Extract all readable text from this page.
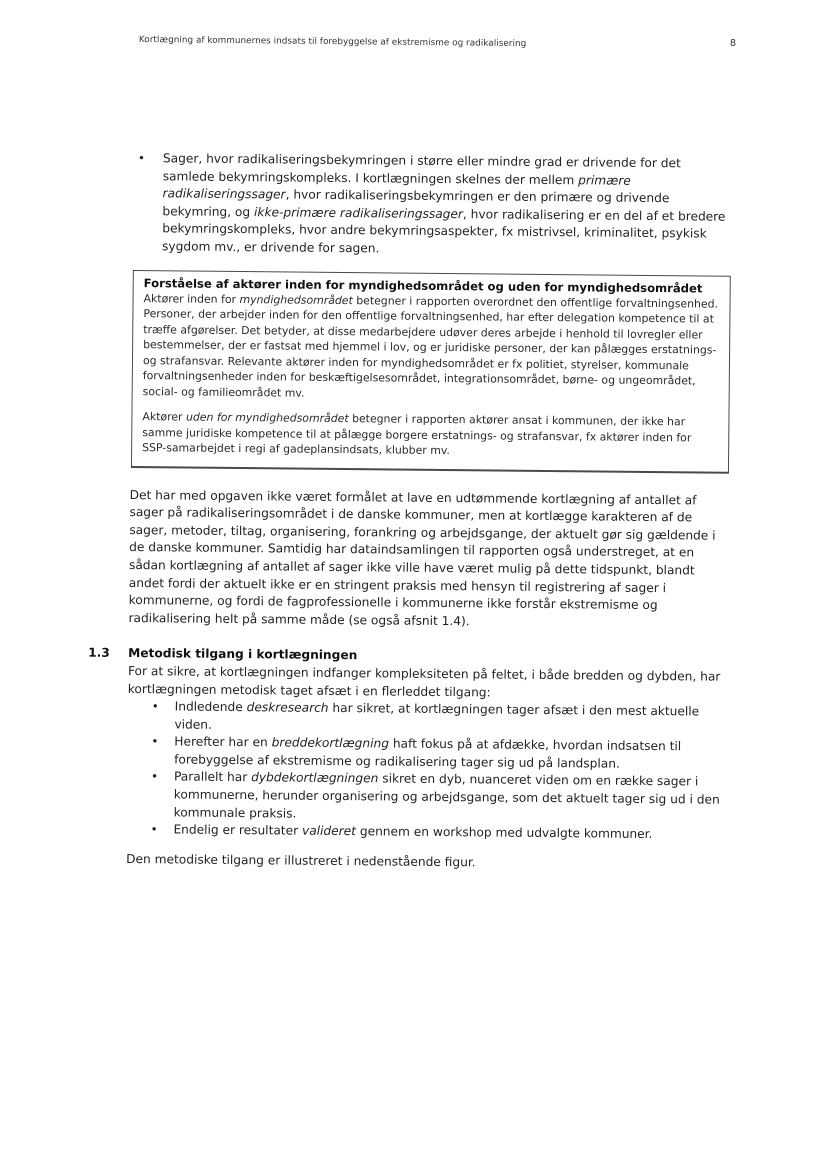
Kortlægning af kommunernes indsats til forebyggelse af ekstremisme og radikalisering	8
• Sager, hvor radikaliseringsbekymringen i større eller mindre grad er drivende for det samlede bekymringskompleks. I kortlægningen skelnes der mellem primære radikaliseringssager, hvor radikaliseringsbekymringen er den primære og drivende bekymring, og ikke-primære radikaliseringssager, hvor radikalisering er en del af et bredere bekymringskompleks, hvor andre bekymringsaspekter, fx mistrivsel, kriminalitet, psykisk sygdom mv., er drivende for sagen.
Forståelse af aktører inden for myndighedsområdet og uden for myndighedsområdet

Aktører inden for myndighedsområdet betegner i rapporten overordnet den offentlige forvaltningsenhed. Personer, der arbejder inden for den offentlige forvaltningsenhed, har efter delegation kompetence til at træffe afgørelser. Det betyder, at disse medarbejdere udøver deres arbejde i henhold til lovregler eller bestemmelser, der er fastsat med hjemmel i lov, og er juridiske personer, der kan pålægges erstatnings- og strafansvar. Relevante aktører inden for myndighedsområdet er fx politiet, styrelser, kommunale forvaltningsenheder inden for beskæftigelsesområdet, integrationsområdet, børne- og ungeområdet, social- og familieområdet mv.

Aktører uden for myndighedsområdet betegner i rapporten aktører ansat i kommunen, der ikke har samme juridiske kompetence til at pålægge borgere erstatnings- og strafansvar, fx aktører inden for SSP-samarbejdet i regi af gadeplansindsats, klubber mv.

Det har med opgaven ikke været formålet at lave en udtømmende kortlægning af antallet af sager på radikaliseringsområdet i de danske kommuner, men at kortlægge karakteren af de sager, metoder, tiltag, organisering, forankring og arbejdsgange, der aktuelt gør sig gældende i de danske kommuner. Samtidig har dataindsamlingen til rapporten også understreget, at en sådan kortlægning af antallet af sager ikke ville have været mulig på dette tidspunkt, blandt andet fordi der aktuelt ikke er en stringent praksis med hensyn til registrering af sager i kommunerne, og fordi de fagprofessionelle i kommunerne ikke forstår ekstremisme og radikalisering helt på samme måde (se også afsnit 1.4).

1.3 Metodisk tilgang i kortlægningen

For at sikre, at kortlægningen indfanger kompleksiteten på feltet, i både bredden og dybden, har kortlægningen metodisk taget afsæt i en flerleddet tilgang:

• Indledende deskresearch har sikret, at kortlægningen tager afsæt i den mest aktuelle viden.
• Herefter har en breddekortlægning haft fokus på at afdække, hvordan indsatsen til forebyggelse af ekstremisme og radikalisering tager sig ud på landsplan.
• Parallelt har dybdekortlægningen sikret en dyb, nuanceret viden om en række sager i kommunerne, herunder organisering og arbejdsgange, som det aktuelt tager sig ud i den kommunale praksis.
• Endelig er resultater valideret gennem en workshop med udvalgte kommuner.

Den metodiske tilgang er illustreret i nedenstående figur.
